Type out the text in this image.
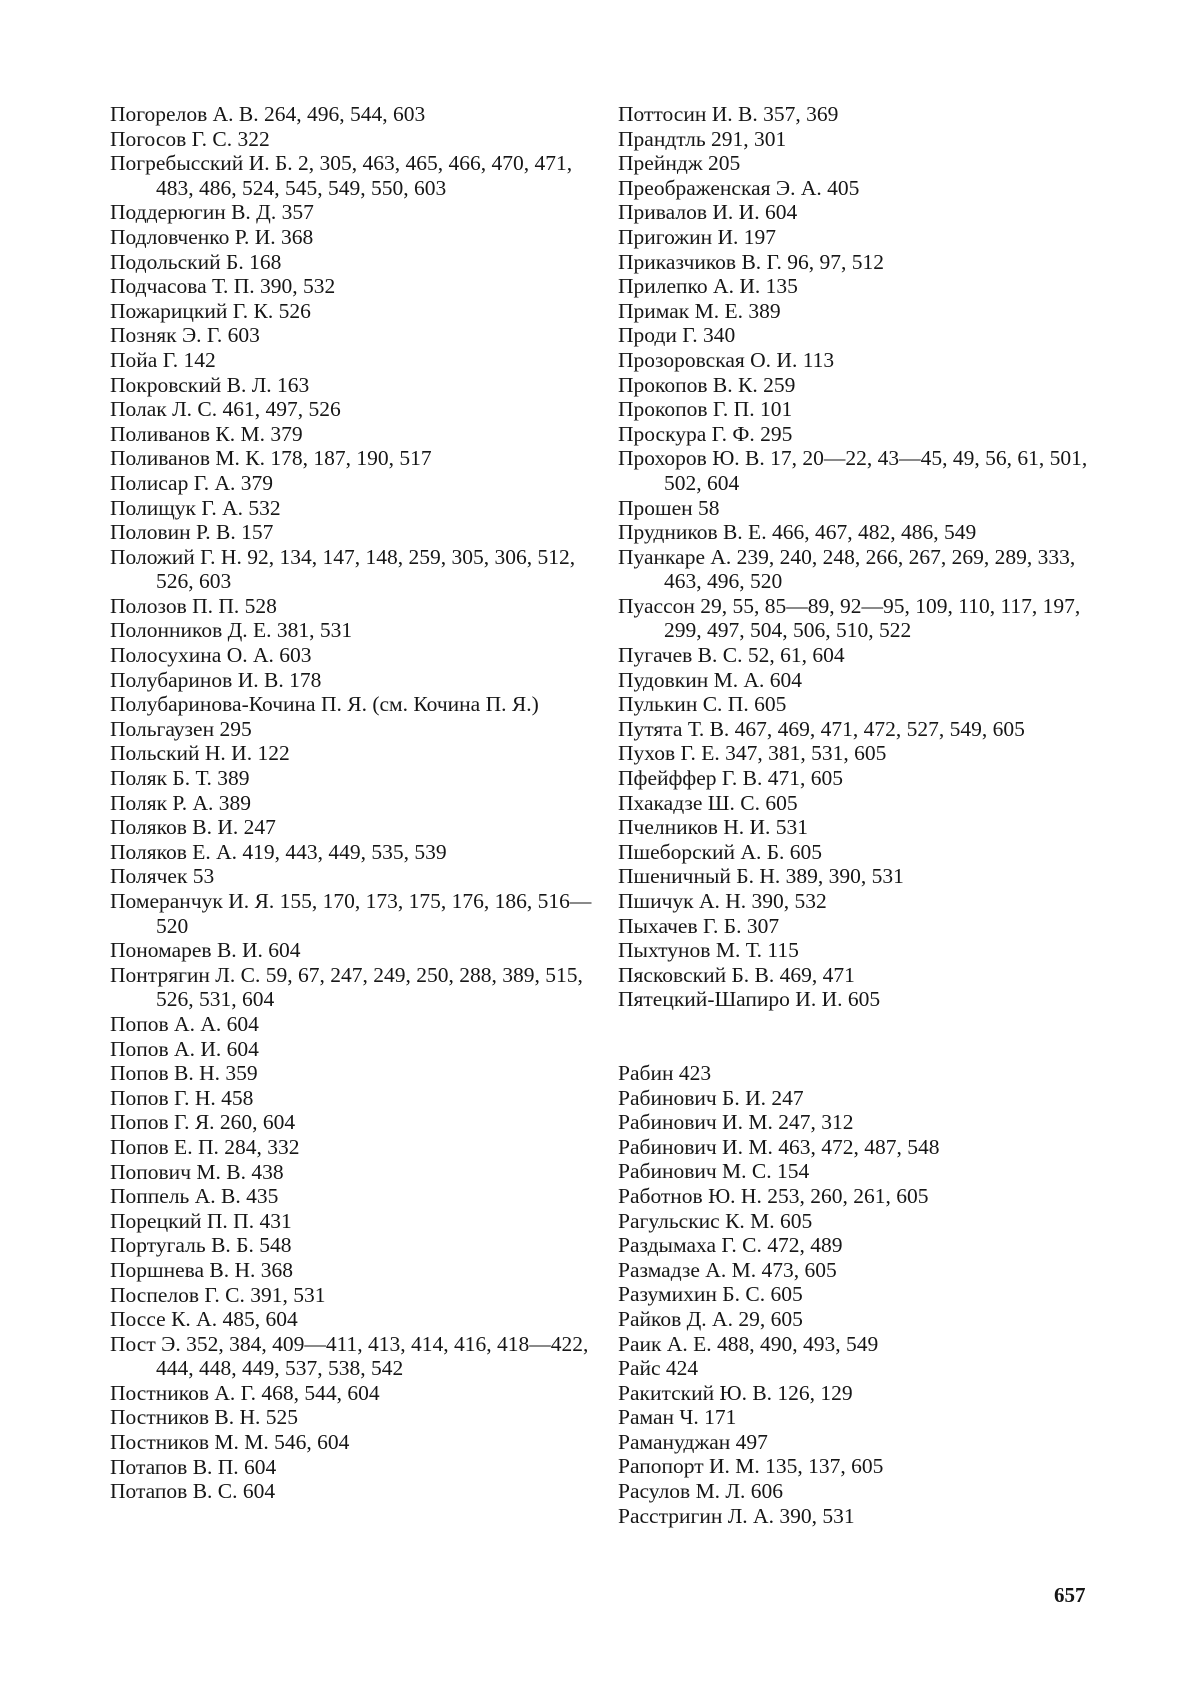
Погорелов А. В. 264, 496, 544, 603
Погосов Г. С. 322
Погребысский И. Б. 2, 305, 463, 465, 466, 470, 471, 483, 486, 524, 545, 549, 550, 603
Поддерюгин В. Д. 357
Подловченко Р. И. 368
Подольский Б. 168
Подчасова Т. П. 390, 532
Пожарицкий Г. К. 526
Позняк Э. Г. 603
Пойа Г. 142
Покровский В. Л. 163
Полак Л. С. 461, 497, 526
Поливанов К. М. 379
Поливанов М. К. 178, 187, 190, 517
Полисар Г. А. 379
Полищук Г. А. 532
Половин Р. В. 157
Положий Г. Н. 92, 134, 147, 148, 259, 305, 306, 512, 526, 603
Полозов П. П. 528
Полонников Д. Е. 381, 531
Полосухина О. А. 603
Полубаринов И. В. 178
Полубаринова-Кочина П. Я. (см. Кочина П. Я.)
Польгаузен 295
Польский Н. И. 122
Поляк Б. Т. 389
Поляк Р. А. 389
Поляков В. И. 247
Поляков Е. А. 419, 443, 449, 535, 539
Полячек 53
Померанчук И. Я. 155, 170, 173, 175, 176, 186, 516—520
Пономарев В. И. 604
Понтрягин Л. С. 59, 67, 247, 249, 250, 288, 389, 515, 526, 531, 604
Попов А. А. 604
Попов А. И. 604
Попов В. Н. 359
Попов Г. Н. 458
Попов Г. Я. 260, 604
Попов Е. П. 284, 332
Попович М. В. 438
Поппель А. В. 435
Порецкий П. П. 431
Португаль В. Б. 548
Поршнева В. Н. 368
Поспелов Г. С. 391, 531
Поссе К. А. 485, 604
Пост Э. 352, 384, 409—411, 413, 414, 416, 418—422, 444, 448, 449, 537, 538, 542
Постников А. Г. 468, 544, 604
Постников В. Н. 525
Постников М. М. 546, 604
Потапов В. П. 604
Потапов В. С. 604
Поттосин И. В. 357, 369
Прандтль 291, 301
Прейндж 205
Преображенская Э. А. 405
Привалов И. И. 604
Пригожин И. 197
Приказчиков В. Г. 96, 97, 512
Прилепко А. И. 135
Примак М. Е. 389
Проди Г. 340
Прозоровская О. И. 113
Прокопов В. К. 259
Прокопов Г. П. 101
Проскура Г. Ф. 295
Прохоров Ю. В. 17, 20—22, 43—45, 49, 56, 61, 501, 502, 604
Прошен 58
Прудников В. Е. 466, 467, 482, 486, 549
Пуанкаре А. 239, 240, 248, 266, 267, 269, 289, 333, 463, 496, 520
Пуассон 29, 55, 85—89, 92—95, 109, 110, 117, 197, 299, 497, 504, 506, 510, 522
Пугачев В. С. 52, 61, 604
Пудовкин М. А. 604
Пулькин С. П. 605
Путята Т. В. 467, 469, 471, 472, 527, 549, 605
Пухов Г. Е. 347, 381, 531, 605
Пфейффер Г. В. 471, 605
Пхакадзе Ш. С. 605
Пчелников Н. И. 531
Пшеборский А. Б. 605
Пшеничный Б. Н. 389, 390, 531
Пшичук А. Н. 390, 532
Пыхачев Г. Б. 307
Пыхтунов М. Т. 115
Пясковский Б. В. 469, 471
Пятецкий-Шапиро И. И. 605
Рабин 423
Рабинович Б. И. 247
Рабинович И. М. 247, 312
Рабинович И. М. 463, 472, 487, 548
Рабинович М. С. 154
Работнов Ю. Н. 253, 260, 261, 605
Рагульскис К. М. 605
Раздымаха Г. С. 472, 489
Размадзе А. М. 473, 605
Разумихин Б. С. 605
Райков Д. А. 29, 605
Раик А. Е. 488, 490, 493, 549
Райс 424
Ракитский Ю. В. 126, 129
Раман Ч. 171
Рамануджан 497
Рапопорт И. М. 135, 137, 605
Расулов М. Л. 606
Расстригин Л. А. 390, 531
657
